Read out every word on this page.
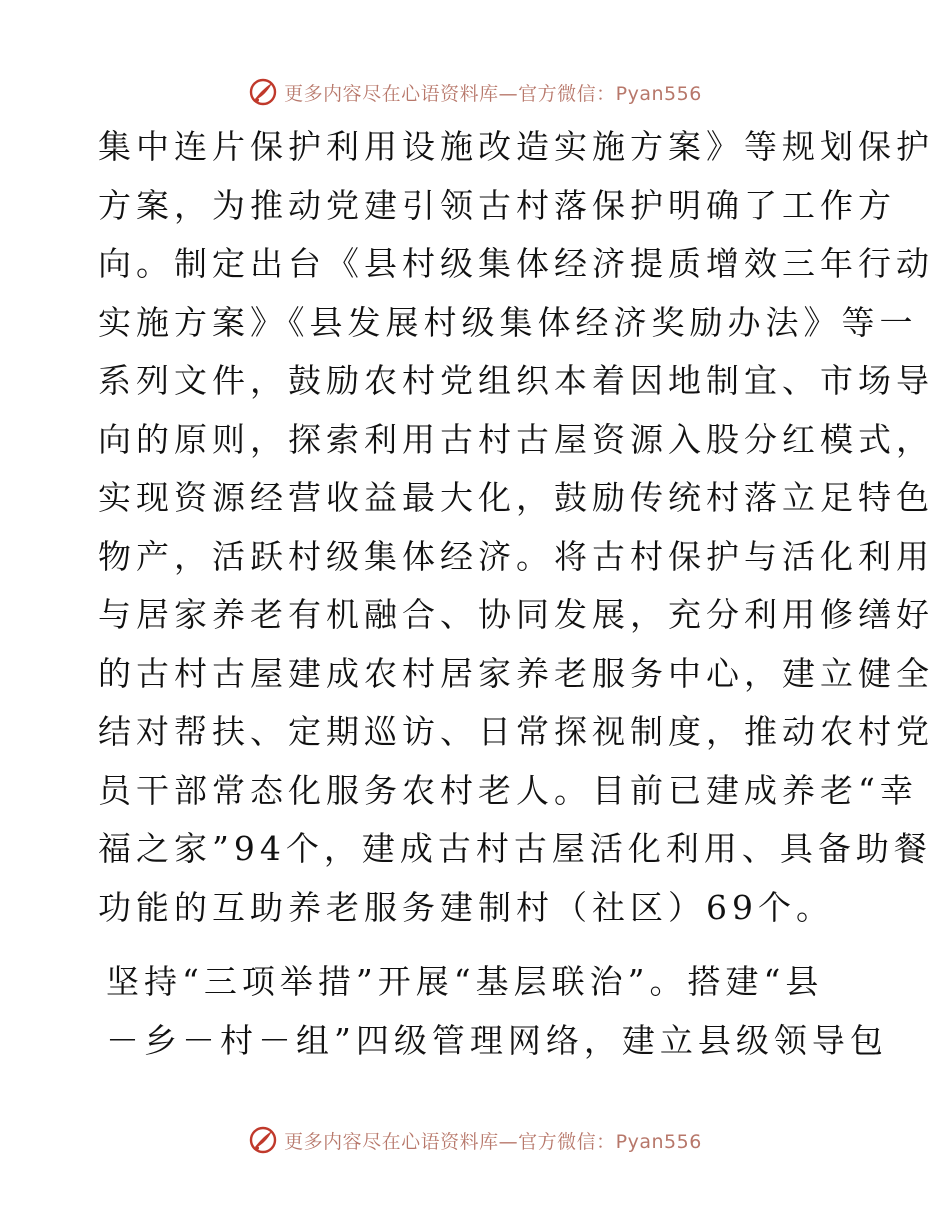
更多内容尽在心语资料库—官方微信：Pyan556

集中连片保护利用设施改造实施方案》等规划保护
方案，为推动党建引领古村落保护明确了工作方
向。制定出台《县村级集体经济提质增效三年行动
实施方案》《县发展村级集体经济奖励办法》等一
系列文件，鼓励农村党组织本着因地制宜、市场导
向的原则，探索利用古村古屋资源入股分红模式，
实现资源经营收益最大化，鼓励传统村落立足特色
物产，活跃村级集体经济。将古村保护与活化利用
与居家养老有机融合、协同发展，充分利用修缮好
的古村古屋建成农村居家养老服务中心，建立健全
结对帮扶、定期巡访、日常探视制度，推动农村党
员干部常态化服务农村老人。目前已建成养老“幸
福之家”94个，建成古村古屋活化利用、具备助餐
功能的互助养老服务建制村（社区）69个。

坚持“三项举措”开展“基层联治”。搭建“县
－乡－村－组”四级管理网络，建立县级领导包

更多内容尽在心语资料库—官方微信：Pyan556
